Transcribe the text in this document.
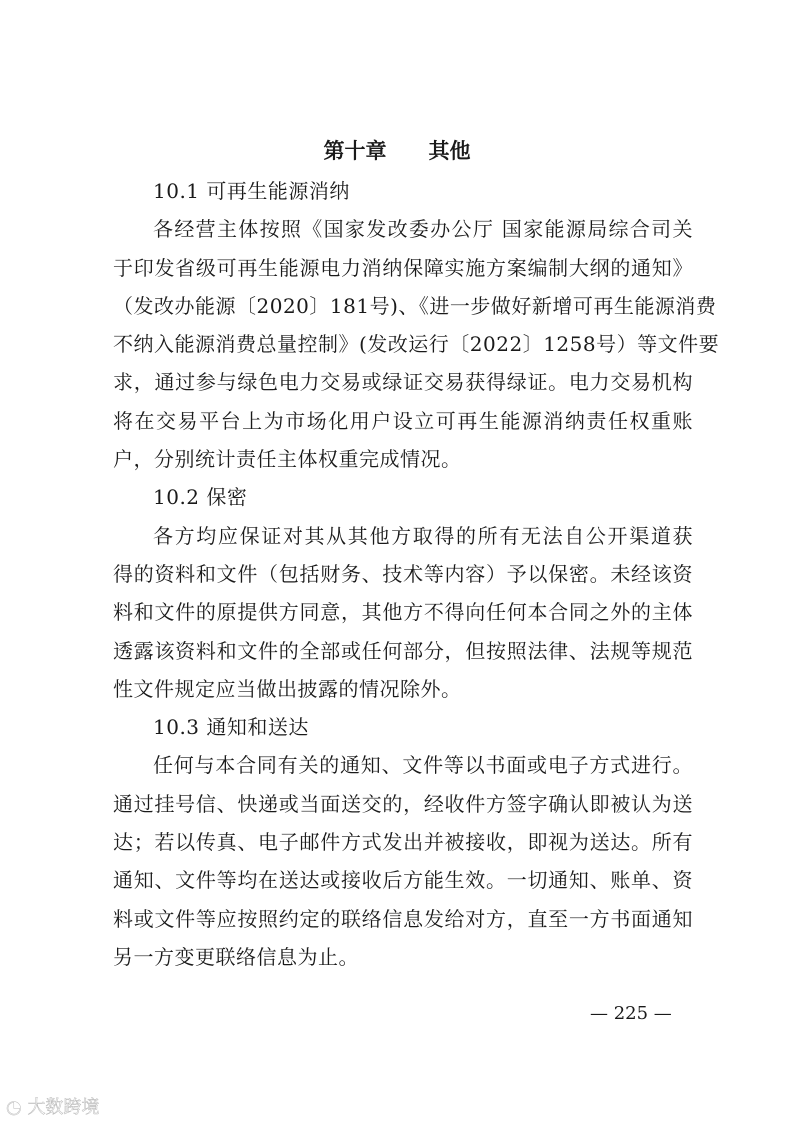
第十章　　其他
10.1 可再生能源消纳
各经营主体按照《国家发改委办公厅 国家能源局综合司关
于印发省级可再生能源电力消纳保障实施方案编制大纲的通知》
（发改办能源〔2020〕181号)、《进一步做好新增可再生能源消费
不纳入能源消费总量控制》(发改运行〔2022〕1258号）等文件要
求，通过参与绿色电力交易或绿证交易获得绿证。电力交易机构
将在交易平台上为市场化用户设立可再生能源消纳责任权重账
户，分别统计责任主体权重完成情况。
10.2 保密
各方均应保证对其从其他方取得的所有无法自公开渠道获
得的资料和文件（包括财务、技术等内容）予以保密。未经该资
料和文件的原提供方同意，其他方不得向任何本合同之外的主体
透露该资料和文件的全部或任何部分，但按照法律、法规等规范
性文件规定应当做出披露的情况除外。
10.3 通知和送达
任何与本合同有关的通知、文件等以书面或电子方式进行。
通过挂号信、快递或当面送交的，经收件方签字确认即被认为送
达；若以传真、电子邮件方式发出并被接收，即视为送达。所有
通知、文件等均在送达或接收后方能生效。一切通知、账单、资
料或文件等应按照约定的联络信息发给对方，直至一方书面通知
另一方变更联络信息为止。
— 225 —
◔ 大数跨境
